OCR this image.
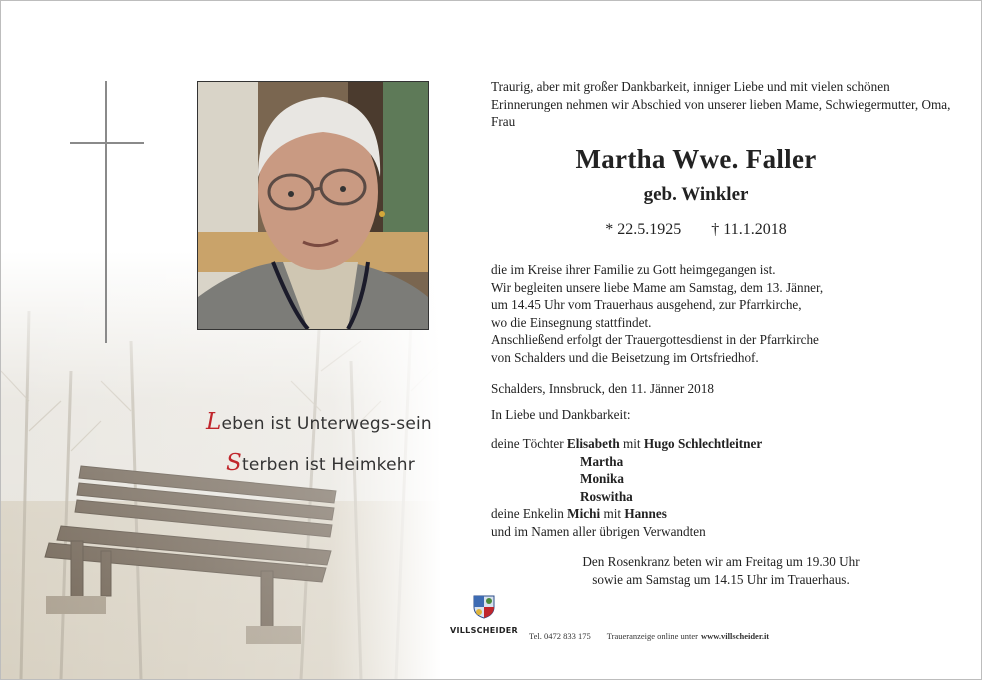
Leben ist Unterwegs-sein
Sterben ist Heimkehr
Traurig, aber mit großer Dankbarkeit, inniger Liebe und mit vielen schönen Erinnerungen nehmen wir Abschied von unserer lieben Mame, Schwiegermutter, Oma, Frau
Martha Wwe. Faller
geb. Winkler
* 22.5.1925 † 11.1.2018
die im Kreise ihrer Familie zu Gott heimgegangen ist.
Wir begleiten unsere liebe Mame am Samstag, dem 13. Jänner,
um 14.45 Uhr vom Trauerhaus ausgehend, zur Pfarrkirche,
wo die Einsegnung stattfindet.
Anschließend erfolgt der Trauergottesdienst in der Pfarrkirche
von Schalders und die Beisetzung im Ortsfriedhof.
Schalders, Innsbruck, den 11. Jänner 2018
In Liebe und Dankbarkeit:
deine Töchter Elisabeth mit Hugo Schlechtleitner
Martha
Monika
Roswitha
deine Enkelin Michi mit Hannes
und im Namen aller übrigen Verwandten
Den Rosenkranz beten wir am Freitag um 19.30 Uhr
sowie am Samstag um 14.15 Uhr im Trauerhaus.
VILLSCHEIDER
Tel. 0472 833 175 Traueranzeige online unter www.villscheider.it
